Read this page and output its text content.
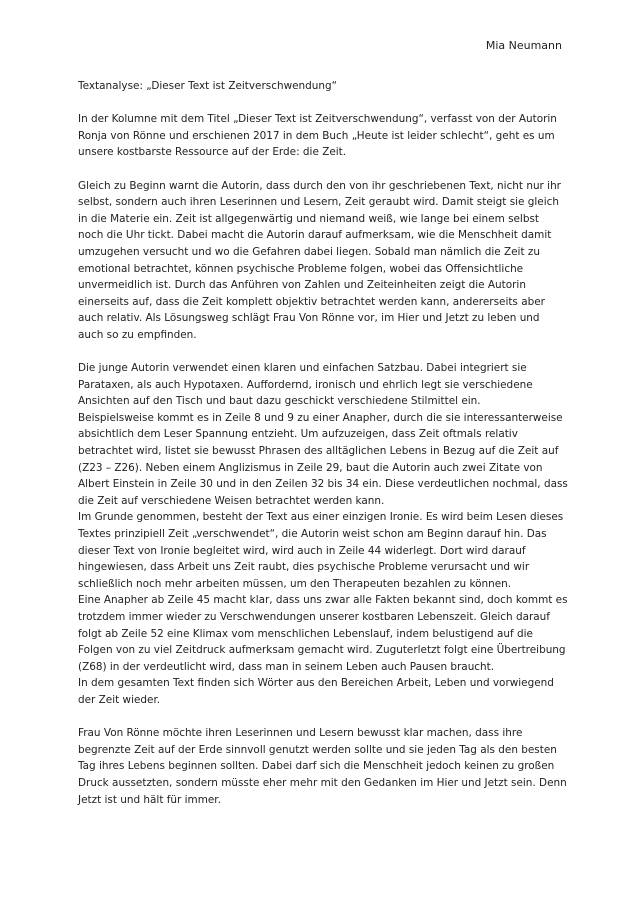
Mia Neumann
Textanalyse: „Dieser Text ist Zeitverschwendung“

In der Kolumne mit dem Titel „Dieser Text ist Zeitverschwendung“, verfasst von der Autorin
Ronja von Rönne und erschienen 2017 in dem Buch „Heute ist leider schlecht“, geht es um
unsere kostbarste Ressource auf der Erde: die Zeit.

Gleich zu Beginn warnt die Autorin, dass durch den von ihr geschriebenen Text, nicht nur ihr
selbst, sondern auch ihren Leserinnen und Lesern, Zeit geraubt wird. Damit steigt sie gleich
in die Materie ein. Zeit ist allgegenwärtig und niemand weiß, wie lange bei einem selbst
noch die Uhr tickt. Dabei macht die Autorin darauf aufmerksam, wie die Menschheit damit
umzugehen versucht und wo die Gefahren dabei liegen. Sobald man nämlich die Zeit zu
emotional betrachtet, können psychische Probleme folgen, wobei das Offensichtliche
unvermeidlich ist. Durch das Anführen von Zahlen und Zeiteinheiten zeigt die Autorin
einerseits auf, dass die Zeit komplett objektiv betrachtet werden kann, andererseits aber
auch relativ. Als Lösungsweg schlägt Frau Von Rönne vor, im Hier und Jetzt zu leben und
auch so zu empfinden.

Die junge Autorin verwendet einen klaren und einfachen Satzbau. Dabei integriert sie
Parataxen, als auch Hypotaxen. Auffordernd, ironisch und ehrlich legt sie verschiedene
Ansichten auf den Tisch und baut dazu geschickt verschiedene Stilmittel ein.
Beispielsweise kommt es in Zeile 8 und 9 zu einer Anapher, durch die sie interessanterweise
absichtlich dem Leser Spannung entzieht. Um aufzuzeigen, dass Zeit oftmals relativ
betrachtet wird, listet sie bewusst Phrasen des alltäglichen Lebens in Bezug auf die Zeit auf
(Z23 – Z26). Neben einem Anglizismus in Zeile 29, baut die Autorin auch zwei Zitate von
Albert Einstein in Zeile 30 und in den Zeilen 32 bis 34 ein. Diese verdeutlichen nochmal, dass
die Zeit auf verschiedene Weisen betrachtet werden kann.
Im Grunde genommen, besteht der Text aus einer einzigen Ironie. Es wird beim Lesen dieses
Textes prinzipiell Zeit „verschwendet“, die Autorin weist schon am Beginn darauf hin. Das
dieser Text von Ironie begleitet wird, wird auch in Zeile 44 widerlegt. Dort wird darauf
hingewiesen, dass Arbeit uns Zeit raubt, dies psychische Probleme verursacht und wir
schließlich noch mehr arbeiten müssen, um den Therapeuten bezahlen zu können.
Eine Anapher ab Zeile 45 macht klar, dass uns zwar alle Fakten bekannt sind, doch kommt es
trotzdem immer wieder zu Verschwendungen unserer kostbaren Lebenszeit. Gleich darauf
folgt ab Zeile 52 eine Klimax vom menschlichen Lebenslauf, indem belustigend auf die
Folgen von zu viel Zeitdruck aufmerksam gemacht wird. Zuguterletzt folgt eine Übertreibung
(Z68) in der verdeutlicht wird, dass man in seinem Leben auch Pausen braucht.
In dem gesamten Text finden sich Wörter aus den Bereichen Arbeit, Leben und vorwiegend
der Zeit wieder.

Frau Von Rönne möchte ihren Leserinnen und Lesern bewusst klar machen, dass ihre
begrenzte Zeit auf der Erde sinnvoll genutzt werden sollte und sie jeden Tag als den besten
Tag ihres Lebens beginnen sollten. Dabei darf sich die Menschheit jedoch keinen zu großen
Druck aussetzten, sondern müsste eher mehr mit den Gedanken im Hier und Jetzt sein. Denn
Jetzt ist und hält für immer.
